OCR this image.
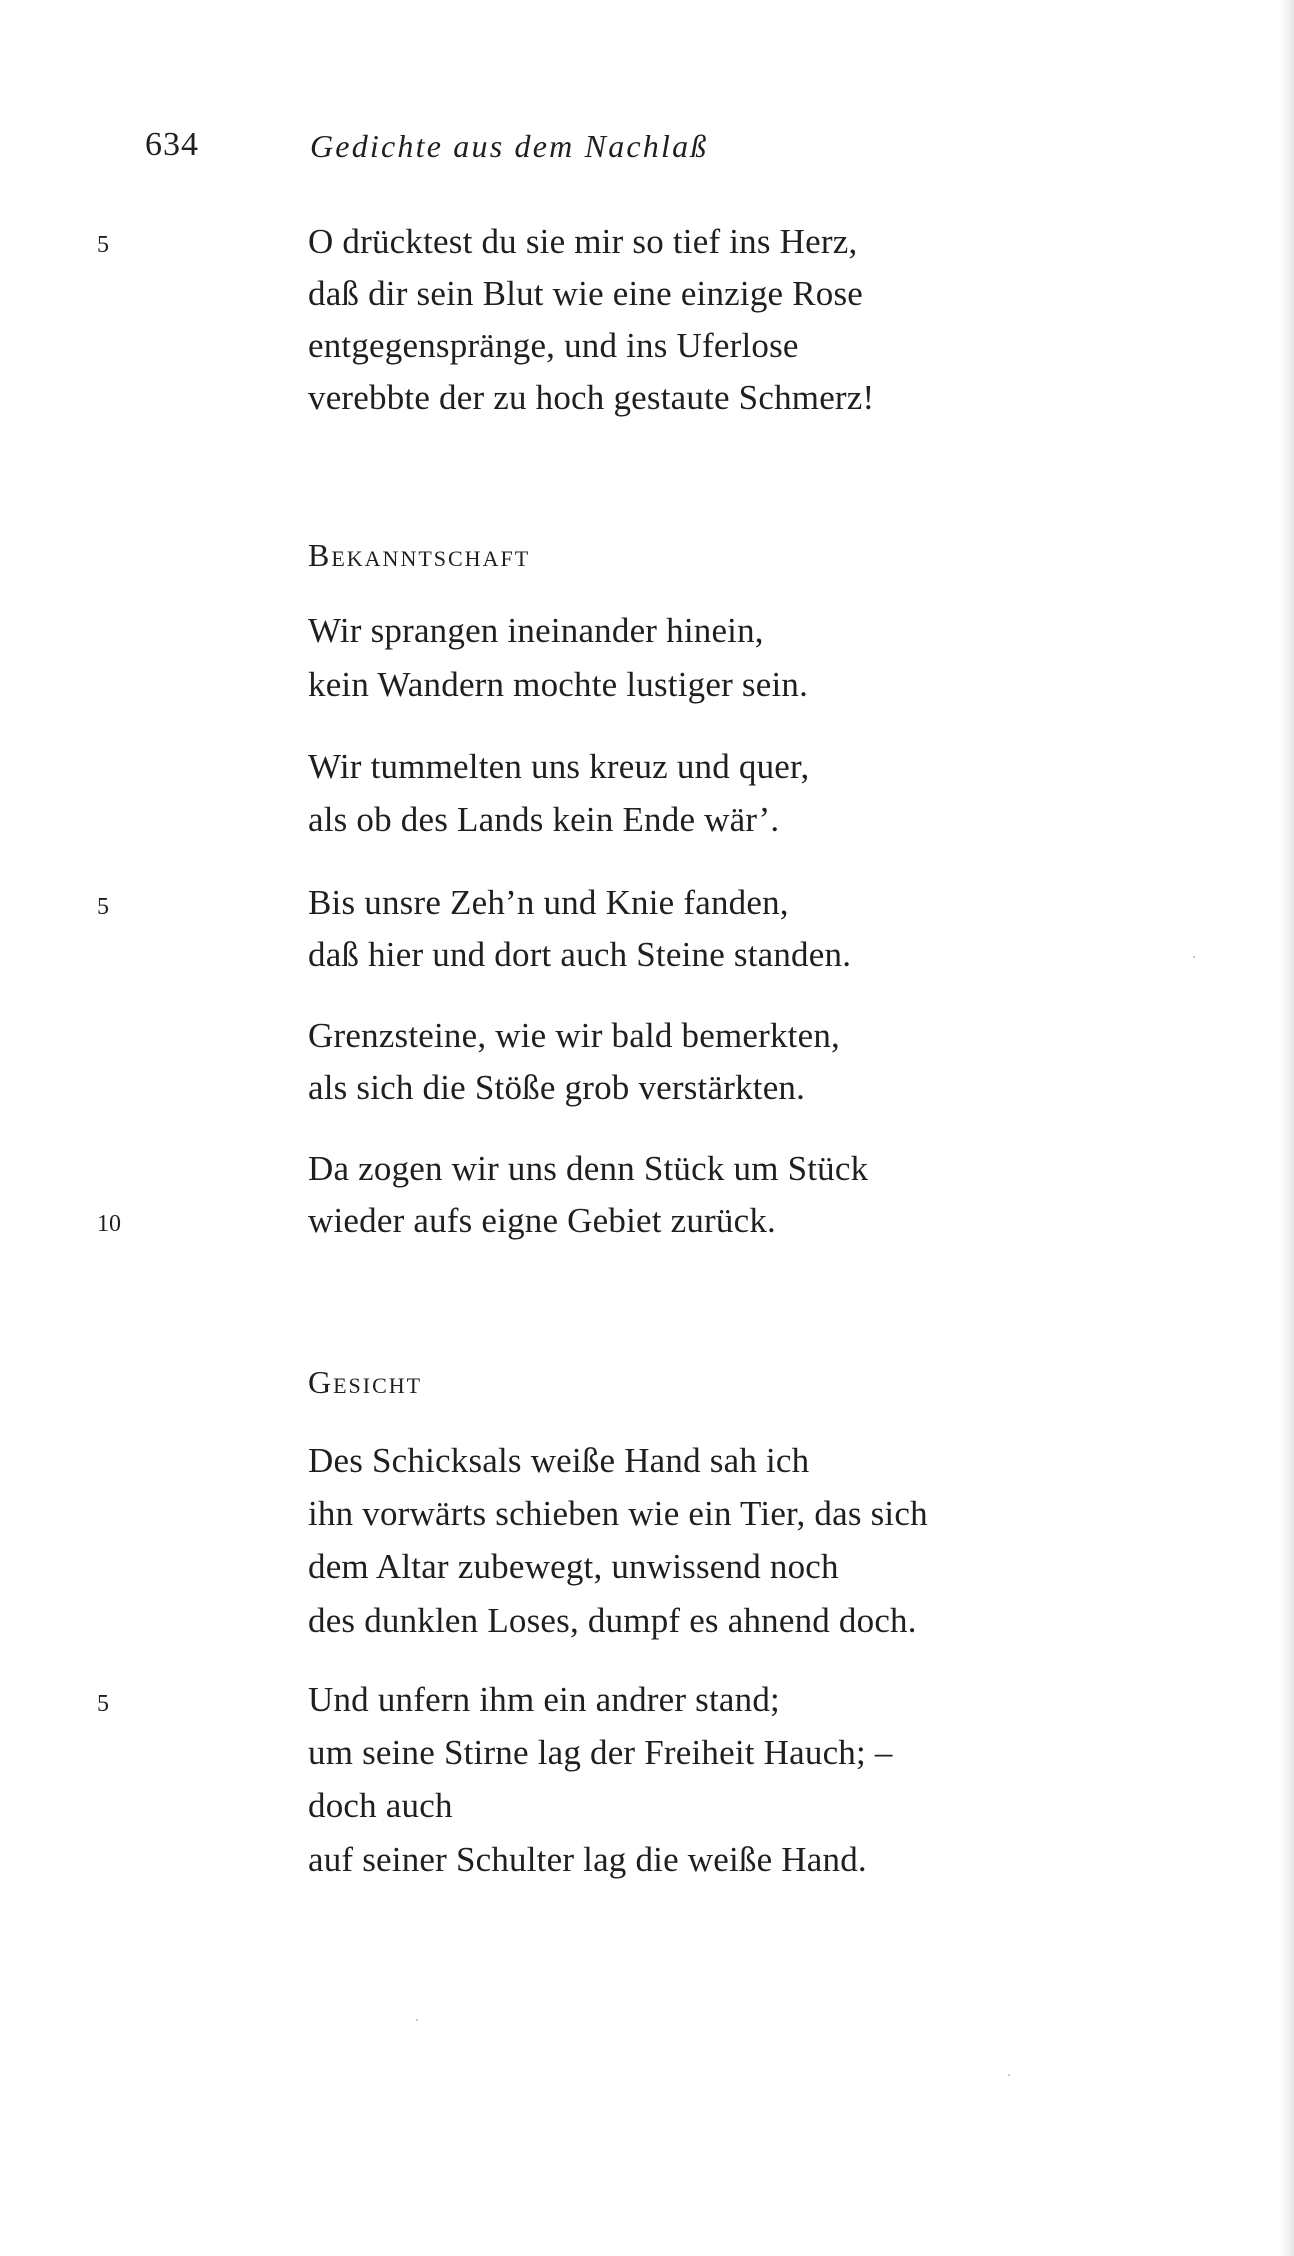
634	Gedichte aus dem Nachlaß
5	O drücktest du sie mir so tief ins Herz,
daß dir sein Blut wie eine einzige Rose
entgegenspränge, und ins Uferlose
verebbte der zu hoch gestaute Schmerz!
Bekanntschaft
Wir sprangen ineinander hinein,
kein Wandern mochte lustiger sein.
Wir tummelten uns kreuz und quer,
als ob des Lands kein Ende wär’.
5	Bis unsre Zeh’n und Knie fanden,
daß hier und dort auch Steine standen.
Grenzsteine, wie wir bald bemerkten,
als sich die Stöße grob verstärkten.
Da zogen wir uns denn Stück um Stück
10	wieder aufs eigne Gebiet zurück.
Gesicht
Des Schicksals weiße Hand sah ich
ihn vorwärts schieben wie ein Tier, das sich
dem Altar zubewegt, unwissend noch
des dunklen Loses, dumpf es ahnend doch.
5	Und unfern ihm ein andrer stand;
um seine Stirne lag der Freiheit Hauch; –
doch auch
auf seiner Schulter lag die weiße Hand.
